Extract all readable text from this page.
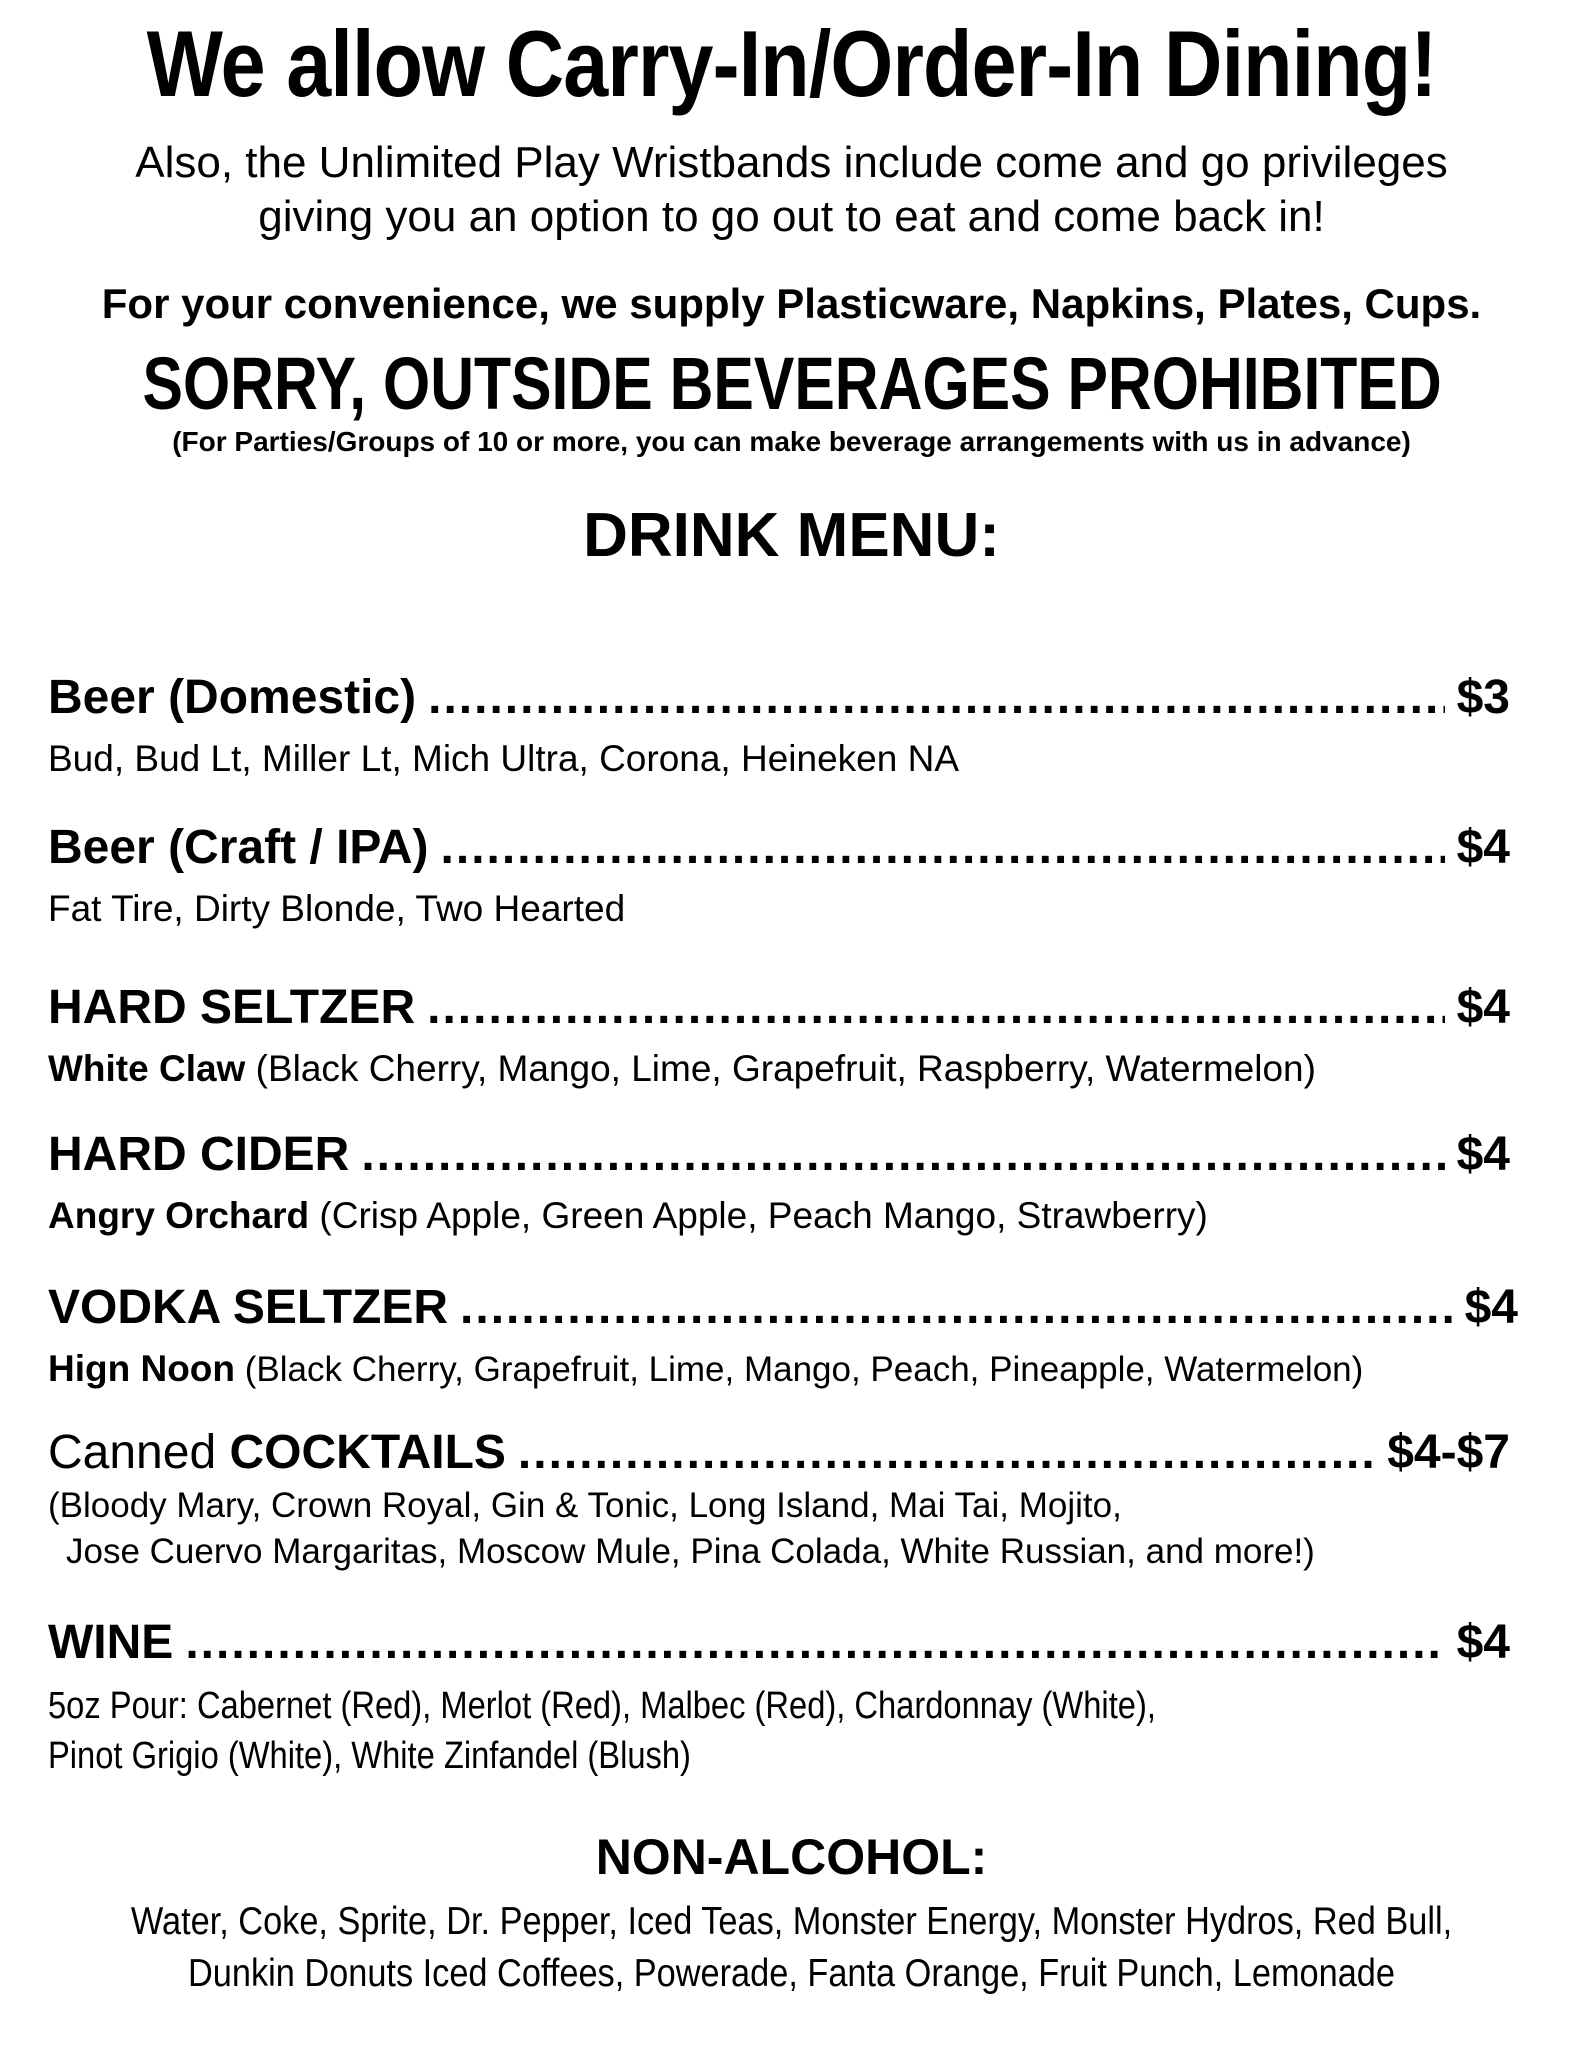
We allow Carry-In/Order-In Dining!
Also, the Unlimited Play Wristbands include come and go privileges
giving you an option to go out to eat and come back in!
For your convenience, we supply Plasticware, Napkins, Plates, Cups.
SORRY, OUTSIDE BEVERAGES PROHIBITED
(For Parties/Groups of 10 or more, you can make beverage arrangements with us in advance)
DRINK MENU:
Beer (Domestic) .....	$3
Bud, Bud Lt, Miller Lt, Mich Ultra, Corona, Heineken NA
Beer (Craft / IPA) .....	$4
Fat Tire, Dirty Blonde, Two Hearted
HARD SELTZER .....	$4
White Claw (Black Cherry, Mango, Lime, Grapefruit, Raspberry, Watermelon)
HARD CIDER .....	$4
Angry Orchard (Crisp Apple, Green Apple, Peach Mango, Strawberry)
VODKA SELTZER .....	$4
Hign Noon (Black Cherry, Grapefruit, Lime, Mango, Peach, Pineapple, Watermelon)
Canned COCKTAILS .....	$4-$7
(Bloody Mary, Crown Royal, Gin & Tonic, Long Island, Mai Tai, Mojito,
Jose Cuervo Margaritas, Moscow Mule, Pina Colada, White Russian, and more!)
WINE .....	$4
5oz Pour: Cabernet (Red), Merlot (Red), Malbec (Red), Chardonnay (White),
Pinot Grigio (White), White Zinfandel (Blush)
NON-ALCOHOL:
Water, Coke, Sprite, Dr. Pepper, Iced Teas, Monster Energy, Monster Hydros, Red Bull,
Dunkin Donuts Iced Coffees, Powerade, Fanta Orange, Fruit Punch, Lemonade
